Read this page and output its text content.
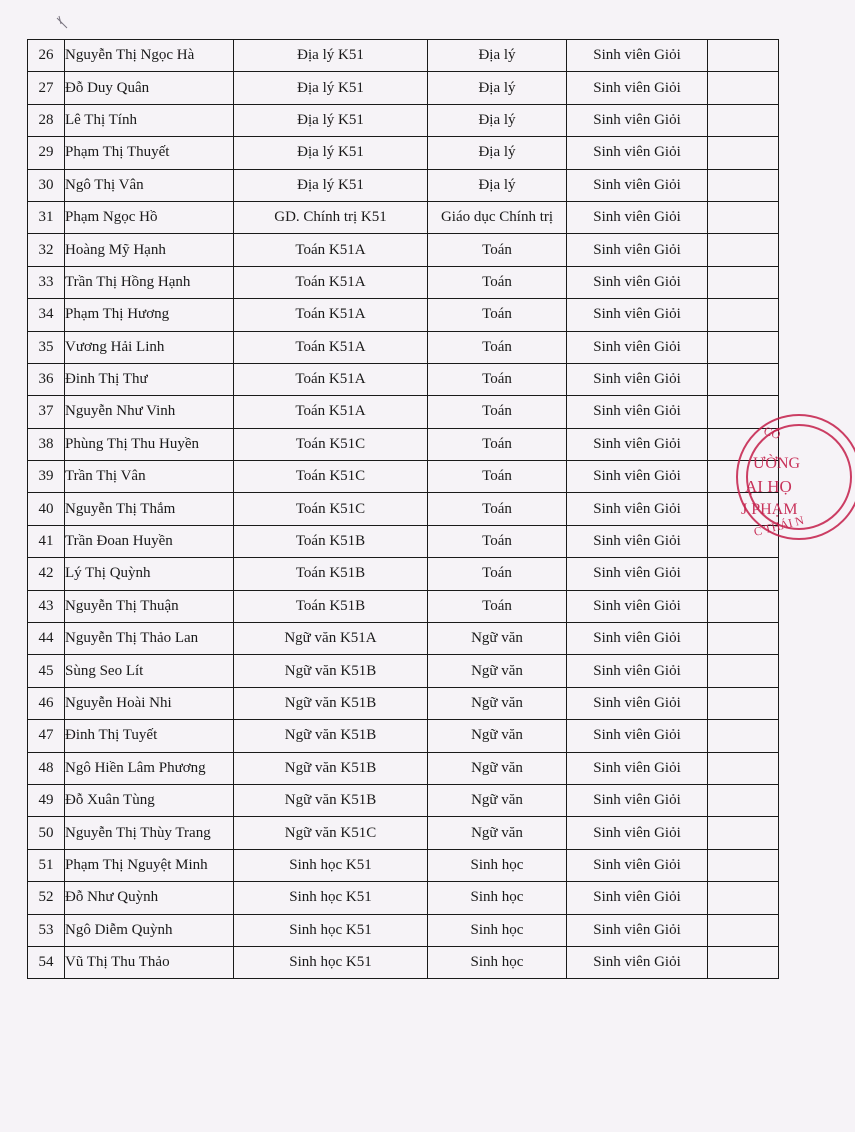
26	Nguyễn Thị Ngọc Hà	Địa lý K51	Địa lý	Sinh viên Giỏi	
27	Đỗ Duy Quân	Địa lý K51	Địa lý	Sinh viên Giỏi	
28	Lê Thị Tính	Địa lý K51	Địa lý	Sinh viên Giỏi	
29	Phạm Thị Thuyết	Địa lý K51	Địa lý	Sinh viên Giỏi	
30	Ngô Thị Vân	Địa lý K51	Địa lý	Sinh viên Giỏi	
31	Phạm Ngọc Hồ	GD. Chính trị K51	Giáo dục Chính trị	Sinh viên Giỏi	
32	Hoàng Mỹ Hạnh	Toán K51A	Toán	Sinh viên Giỏi	
33	Trần Thị Hồng Hạnh	Toán K51A	Toán	Sinh viên Giỏi	
34	Phạm Thị Hương	Toán K51A	Toán	Sinh viên Giỏi	
35	Vương Hải Linh	Toán K51A	Toán	Sinh viên Giỏi	
36	Đinh Thị Thư	Toán K51A	Toán	Sinh viên Giỏi	
37	Nguyễn Như Vinh	Toán K51A	Toán	Sinh viên Giỏi	
38	Phùng Thị Thu Huyền	Toán K51C	Toán	Sinh viên Giỏi	
39	Trần Thị Vân	Toán K51C	Toán	Sinh viên Giỏi	
40	Nguyễn Thị Thắm	Toán K51C	Toán	Sinh viên Giỏi	
41	Trần Đoan Huyền	Toán K51B	Toán	Sinh viên Giỏi	
42	Lý Thị Quỳnh	Toán K51B	Toán	Sinh viên Giỏi	
43	Nguyễn Thị Thuận	Toán K51B	Toán	Sinh viên Giỏi	
44	Nguyễn Thị Thảo Lan	Ngữ văn K51A	Ngữ văn	Sinh viên Giỏi	
45	Sùng Seo Lít	Ngữ văn K51B	Ngữ văn	Sinh viên Giỏi	
46	Nguyễn Hoài Nhi	Ngữ văn K51B	Ngữ văn	Sinh viên Giỏi	
47	Đinh Thị Tuyết	Ngữ văn K51B	Ngữ văn	Sinh viên Giỏi	
48	Ngô Hiền Lâm Phương	Ngữ văn K51B	Ngữ văn	Sinh viên Giỏi	
49	Đỗ Xuân Tùng	Ngữ văn K51B	Ngữ văn	Sinh viên Giỏi	
50	Nguyễn Thị Thùy Trang	Ngữ văn K51C	Ngữ văn	Sinh viên Giỏi	
51	Phạm Thị Nguyệt Minh	Sinh học K51	Sinh học	Sinh viên Giỏi	
52	Đỗ Như Quỳnh	Sinh học K51	Sinh học	Sinh viên Giỏi	
53	Ngô Diễm Quỳnh	Sinh học K51	Sinh học	Sinh viên Giỏi	
54	Vũ Thị Thu Thảo	Sinh học K51	Sinh học	Sinh viên Giỏi	
CÔ
ƯỜNG
ẠI HỌ
J PHẠM
C THÁI N
